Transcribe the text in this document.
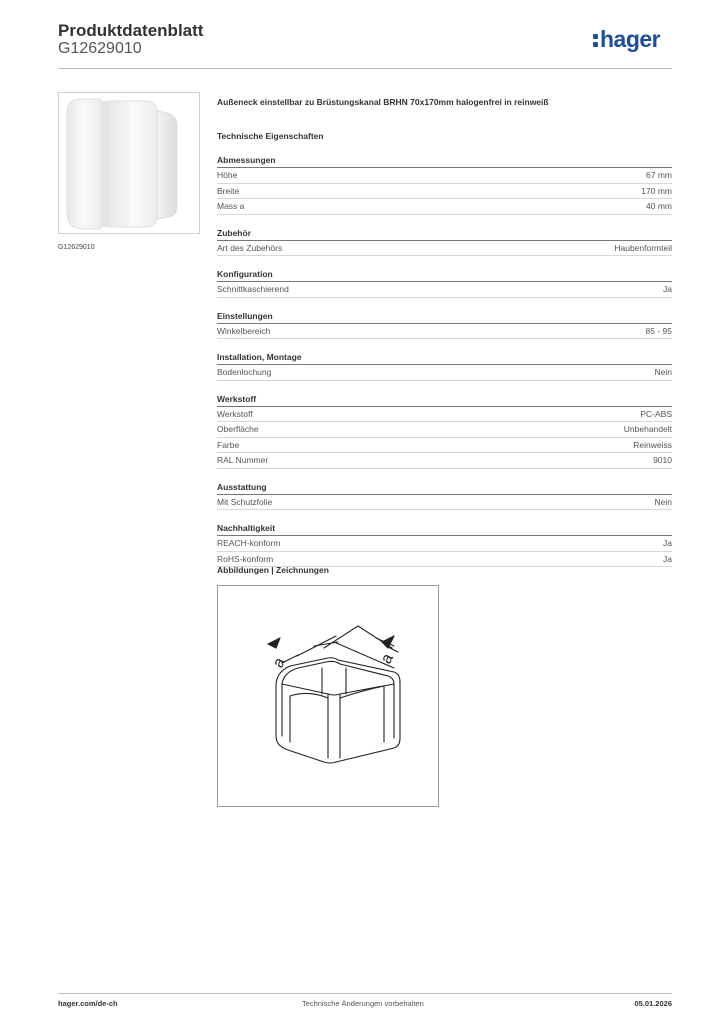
Produktdatenblatt
G12629010	hager
G12629010
Außeneck einstellbar zu Brüstungskanal BRHN 70x170mm halogenfrei in reinweiß
Technische Eigenschaften
Abmessungen
Höhe	67 mm
Breite	170 mm
Mass a	40 mm
Zubehör
Art des Zubehörs	Haubenformteil
Konfiguration
Schnittkaschierend	Ja
Einstellungen
Winkelbereich	85 - 95
Installation, Montage
Bodenlochung	Nein
Werkstoff
Werkstoff	PC-ABS
Oberfläche	Unbehandelt
Farbe	Reinweiss
RAL Nummer	9010
Ausstattung
Mit Schutzfolie	Nein
Nachhaltigkeit
REACH-konform	Ja
RoHS-konform	Ja
Abbildungen | Zeichnungen
a	a
hager.com/de-ch	Technische Änderungen vorbehalten	05.01.2026
